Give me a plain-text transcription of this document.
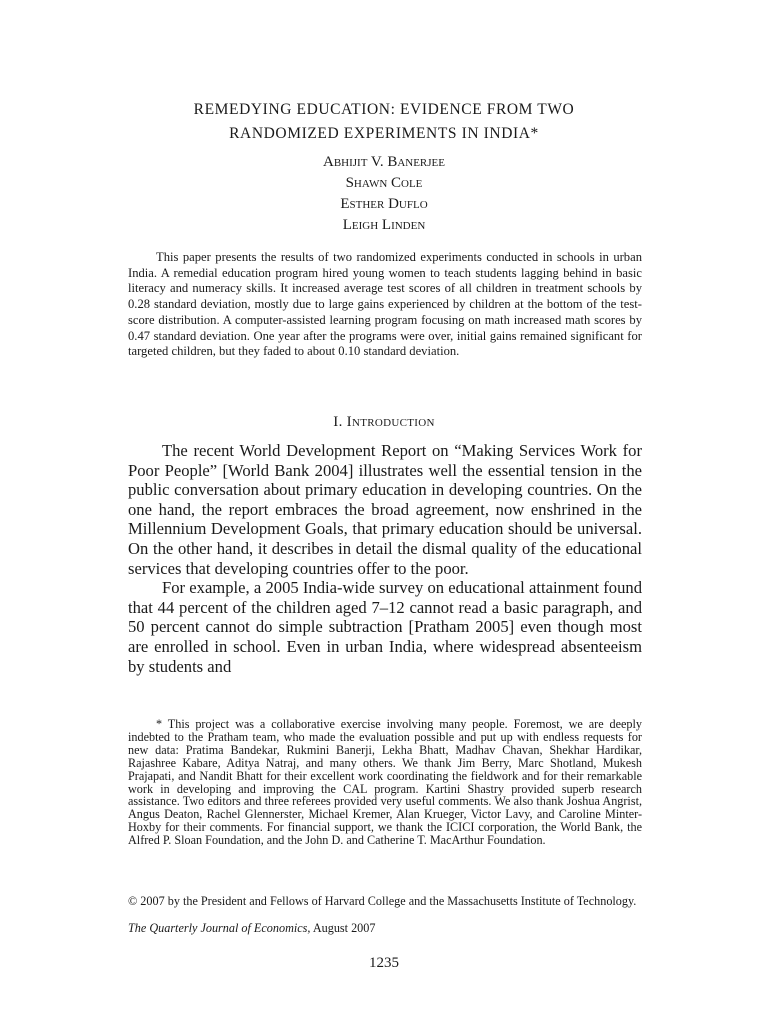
REMEDYING EDUCATION: EVIDENCE FROM TWO
RANDOMIZED EXPERIMENTS IN INDIA*
Abhijit V. Banerjee
Shawn Cole
Esther Duflo
Leigh Linden

This paper presents the results of two randomized experiments conducted in schools in urban India. A remedial education program hired young women to teach students lagging behind in basic literacy and numeracy skills. It increased average test scores of all children in treatment schools by 0.28 standard deviation, mostly due to large gains experienced by children at the bottom of the test-score distribution. A computer-assisted learning program focusing on math increased math scores by 0.47 standard deviation. One year after the programs were over, initial gains remained significant for targeted children, but they faded to about 0.10 standard deviation.

I. Introduction

The recent World Development Report on “Making Services Work for Poor People” [World Bank 2004] illustrates well the essential tension in the public conversation about primary education in developing countries. On the one hand, the report embraces the broad agreement, now enshrined in the Millennium Development Goals, that primary education should be universal. On the other hand, it describes in detail the dismal quality of the educational services that developing countries offer to the poor.

For example, a 2005 India-wide survey on educational attainment found that 44 percent of the children aged 7–12 cannot read a basic paragraph, and 50 percent cannot do simple subtraction [Pratham 2005] even though most are enrolled in school. Even in urban India, where widespread absenteeism by students and

* This project was a collaborative exercise involving many people. Foremost, we are deeply indebted to the Pratham team, who made the evaluation possible and put up with endless requests for new data: Pratima Bandekar, Rukmini Banerji, Lekha Bhatt, Madhav Chavan, Shekhar Hardikar, Rajashree Kabare, Aditya Natraj, and many others. We thank Jim Berry, Marc Shotland, Mukesh Prajapati, and Nandit Bhatt for their excellent work coordinating the fieldwork and for their remarkable work in developing and improving the CAL program. Kartini Shastry provided superb research assistance. Two editors and three referees provided very useful comments. We also thank Joshua Angrist, Angus Deaton, Rachel Glennerster, Michael Kremer, Alan Krueger, Victor Lavy, and Caroline Minter-Hoxby for their comments. For financial support, we thank the ICICI corporation, the World Bank, the Alfred P. Sloan Foundation, and the John D. and Catherine T. MacArthur Foundation.

© 2007 by the President and Fellows of Harvard College and the Massachusetts Institute of Technology.

The Quarterly Journal of Economics, August 2007

1235
